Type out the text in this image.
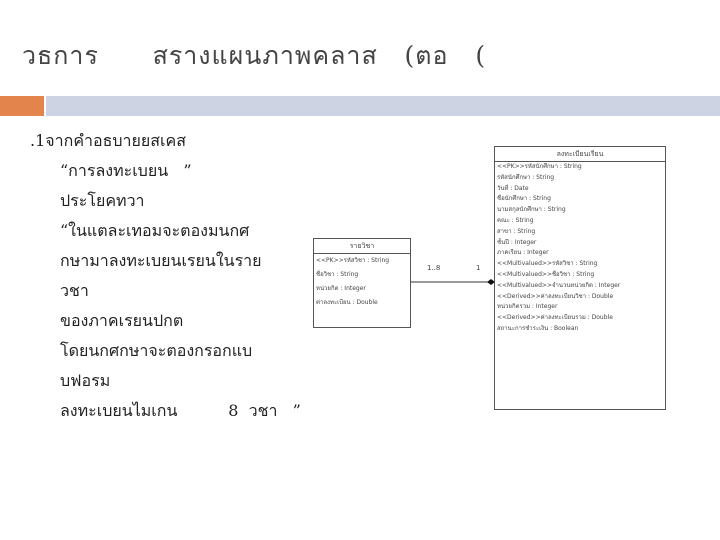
วธการ      สรางแผนภาพคลาส   (ตอ   (
.1จากคำอธบายยสเคส
“การลงทะเบยน   ”
ประโยคทวา
“ในแตละเทอมจะตองมนกศ
กษามาลงทะเบยนเรยนในราย
วชา
ของภาคเรยนปกต
โดยนกศกษาจะตองกรอกแบ
บฟอรม
ลงทะเบยนไมเกน          8  วชา   ”
1..8	1
รายวิชา
<<PK>>รหัสวิชา : String
ชื่อวิชา : String
หน่วยกิต : Integer
ค่าลงทะเบียน : Double
ลงทะเบียนเรียน
<<PK>>รหัสนักศึกษา : String
รหัสนักศึกษา : String
วันที่ : Date
ชื่อนักศึกษา : String
นามสกุลนักศึกษา : String
คณะ : String
สาขา : String
ชั้นปี : Integer
ภาคเรียน : Integer
<<Multivalued>>รหัสวิชา : String
<<Multivalued>>ชื่อวิชา : String
<<Multivalued>>จำนวนหน่วยกิต : Integer
<<Derived>>ค่าลงทะเบียนวิชา : Double
หน่วยกิตรวม : Integer
<<Derived>>ค่าลงทะเบียนรวม : Double
สถานะการชำระเงิน : Boolean
